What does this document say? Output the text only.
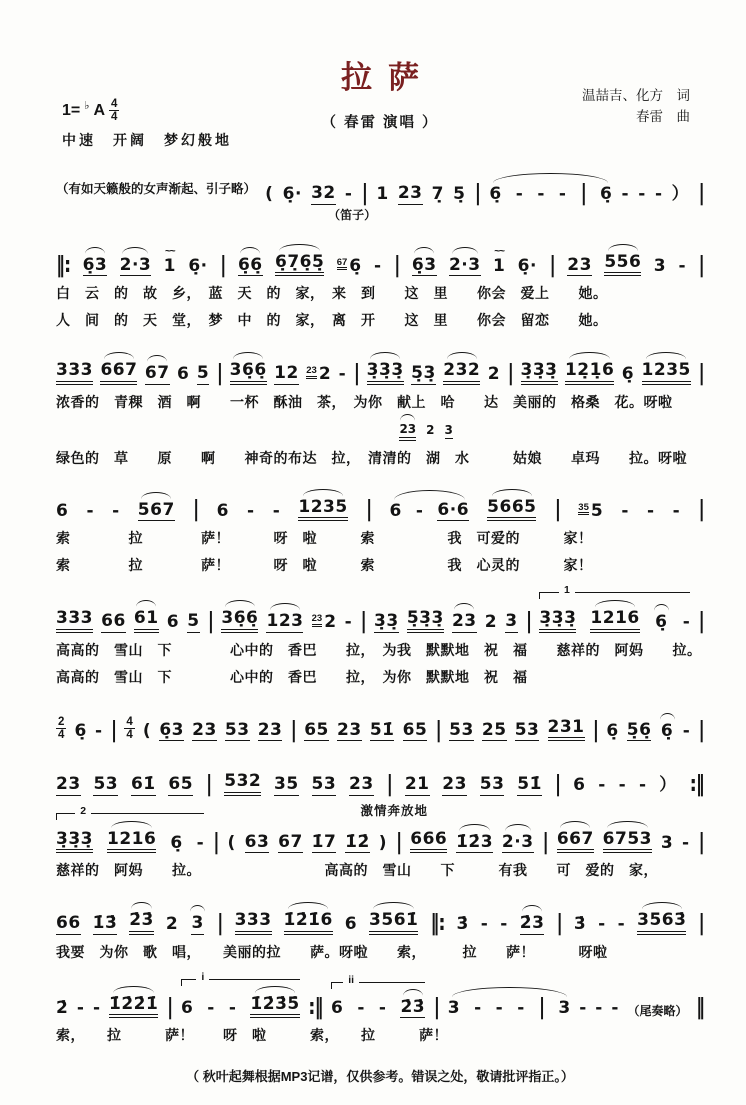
拉萨
（ 春雷 演唱 ）
温喆吉、化方　词
春雷　曲
1= ♭ A $\frac{4}{4}$
中速　开阔　梦幻般地
（有如天籁般的女声渐起、引子略） ( 6̣· 32 - | 1 23 7̣ 5̣ | 6̣ - - - | 6̣ - - - ） |
（笛子）
‖: 6̣3 2·3
~~
1 6̣· | 6̣6̣ 6̣7̣6̣5̣ 67 6̣ - | 6̣3 2·3
~~
1 6̣· | 23 556 3 - |
白　云　的　故　乡，　蓝　天　的　家，　来　到　　这　里　　你会　爱上　　她。
人　间　的　天　堂，　梦　中　的　家，　离　开　　这　里　　你会　留恋　　她。
333 667 67 6 5 | 36̣6̣ 12 23 2 - | 3̣3̣3̣ 5̣3̣ 232 2 | 3̣3̣3̣ 12̣1̣6 6̣ 1235 |
浓香的　青稞　酒　啊　　一杯　酥油　茶，　为你　献上　哈　　达　美丽的　格桑　花。呀啦
23 2 3
绿色的　草　　原　　啊　　神奇的布达　拉，　清清的　湖　水　　　姑娘　　卓玛　　拉。呀啦
6 - - 567 | 6 - - 1235 | 6 - 6·6 5665 | 35 5 - - - |
索　　　　拉　　　　萨！　　　呀　啦　　　索　　　　　我　可爱的　　　家！
索　　　　拉　　　　萨！　　　呀　啦　　　索　　　　　我　心灵的　　　家！
333 66 61 6 5 | 36̣6̣ 123 23 2 - | 3̣3̣ 5̣3̣3̣ 23 2 3 | 3̣3̣3̣ 1216 6̣ -
1 |
高高的　雪山　下　　　　心中的　香巴　　拉，　为我　默默地　祝　福　　慈祥的　阿妈　　拉。
高高的　雪山　下　　　　心中的　香巴　　拉，　为你　默默地　祝　福
$\frac{2}{4}$ 6̣ - | $\frac{4}{4}$ ( 6̣3 23 53 23 | 65 23 51̇ 65 | 53 25 53 231 | 6̣ 5̣6̣ 6̣ - |
23 53 61̇ 65 | 532 35 53 23 | 21 23 53 51̇ | 6 - - - ） :‖
激情奔放地
3̣3̣3̣ 1216 6̣ -
2 | ( 63 67 1̇7 1̇2̇ ) | 666 1̇2̇3 2·3 | 667 6753 3 - |
慈祥的　阿妈　　拉。　　　　　　　　　高高的　雪山　　下　　　有我　　可　爱的　家，
66 1̇3̇ 2̇3̇ 2 3 | 333 1̇2̇1̇6 6 3561̇ ‖: 3̇ - - 2̇3 | 3̇ - - 3563̇ |
我要　为你　歌　唱，　　美丽的拉　　萨。呀啦　　索，　　　拉　　萨！　　　呀啦
2̇ - - 1̇2̇2̇1̇ | 6 - - 1̇2̇3̇5̇
i :‖ 6 - - 2̇3̇
ii | 3 - - - | 3 - - - （尾奏略） ‖
索，　　拉　　　萨！　　呀　啦　　　索，　　拉　　　萨！
（ 秋叶起舞根据MP3记谱，仅供参考。错误之处，敬请批评指正。）
